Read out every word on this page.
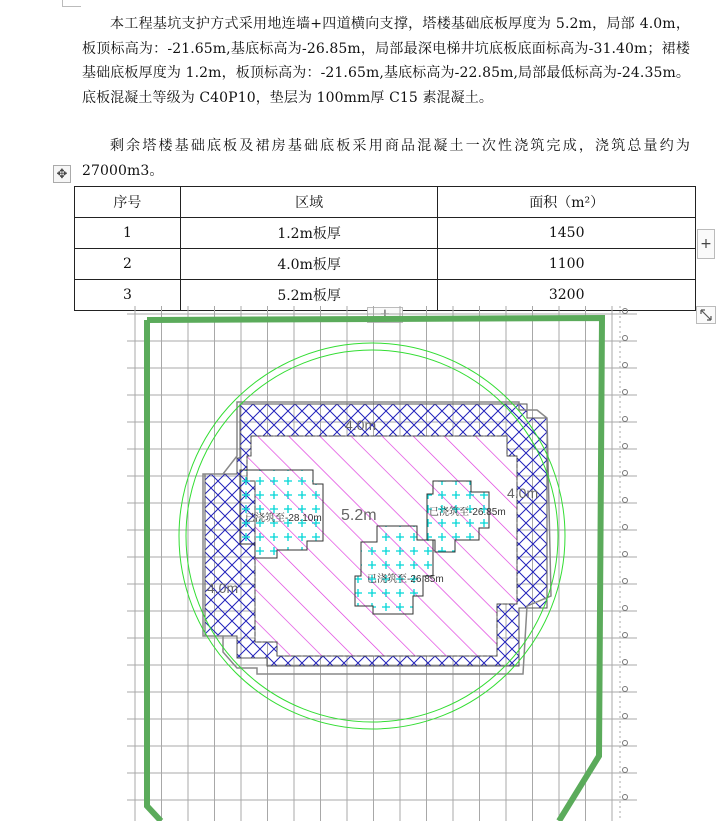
本工程基坑支护方式采用地连墙+四道横向支撑，塔楼基础底板厚度为 5.2m，局部 4.0m，板顶标高为：-21.65m,基底标高为-26.85m，局部最深电梯井坑底板底面标高为-31.40m；裙楼基础底板厚度为 1.2m，板顶标高为：-21.65m,基底标高为-22.85m,局部最低标高为-24.35m。底板混凝土等级为 C40P10，垫层为 100mm厚 C15 素混凝土。

剩余塔楼基础底板及裙房基础底板采用商品混凝土一次性浇筑完成，浇筑总量约为 27000m3。

✥
序号	区域	面积（m²）
1	1.2m板厚	1450
2	4.0m板厚	1100
3	5.2m板厚	3200
+
+
4.0m
4.0m
4.0m
5.2m
已浇筑至-28.10m
已浇筑至-26.85m
已浇筑至-26.85m
